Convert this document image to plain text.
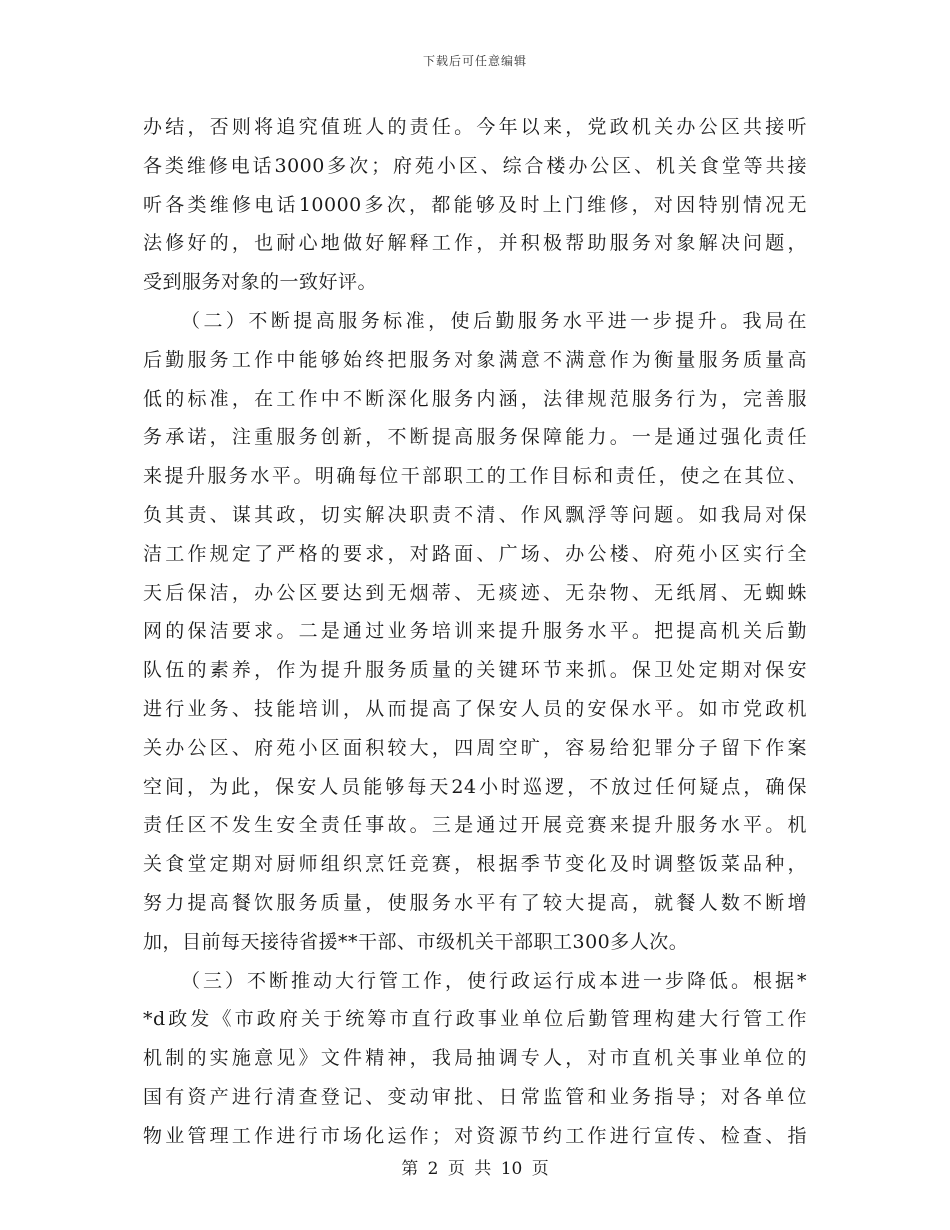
下载后可任意编辑
办结，否则将追究值班人的责任。今年以来，党政机关办公区共接听
各类维修电话3000多次；府苑小区、综合楼办公区、机关食堂等共接
听各类维修电话10000多次，都能够及时上门维修，对因特别情况无
法修好的，也耐心地做好解释工作，并积极帮助服务对象解决问题，
受到服务对象的一致好评。
（二）不断提高服务标准，使后勤服务水平进一步提升。我局在
后勤服务工作中能够始终把服务对象满意不满意作为衡量服务质量高
低的标准，在工作中不断深化服务内涵，法律规范服务行为，完善服
务承诺，注重服务创新，不断提高服务保障能力。一是通过强化责任
来提升服务水平。明确每位干部职工的工作目标和责任，使之在其位、
负其责、谋其政，切实解决职责不清、作风飘浮等问题。如我局对保
洁工作规定了严格的要求，对路面、广场、办公楼、府苑小区实行全
天后保洁，办公区要达到无烟蒂、无痰迹、无杂物、无纸屑、无蜘蛛
网的保洁要求。二是通过业务培训来提升服务水平。把提高机关后勤
队伍的素养，作为提升服务质量的关键环节来抓。保卫处定期对保安
进行业务、技能培训，从而提高了保安人员的安保水平。如市党政机
关办公区、府苑小区面积较大，四周空旷，容易给犯罪分子留下作案
空间，为此，保安人员能够每天24小时巡逻，不放过任何疑点，确保
责任区不发生安全责任事故。三是通过开展竞赛来提升服务水平。机
关食堂定期对厨师组织烹饪竞赛，根据季节变化及时调整饭菜品种，
努力提高餐饮服务质量，使服务水平有了较大提高，就餐人数不断增
加，目前每天接待省援**干部、市级机关干部职工300多人次。
（三）不断推动大行管工作，使行政运行成本进一步降低。根据*
*d政发《市政府关于统筹市直行政事业单位后勤管理构建大行管工作
机制的实施意见》文件精神，我局抽调专人，对市直机关事业单位的
国有资产进行清查登记、变动审批、日常监管和业务指导；对各单位
物业管理工作进行市场化运作；对资源节约工作进行宣传、检查、指
第 2 页 共 10 页
